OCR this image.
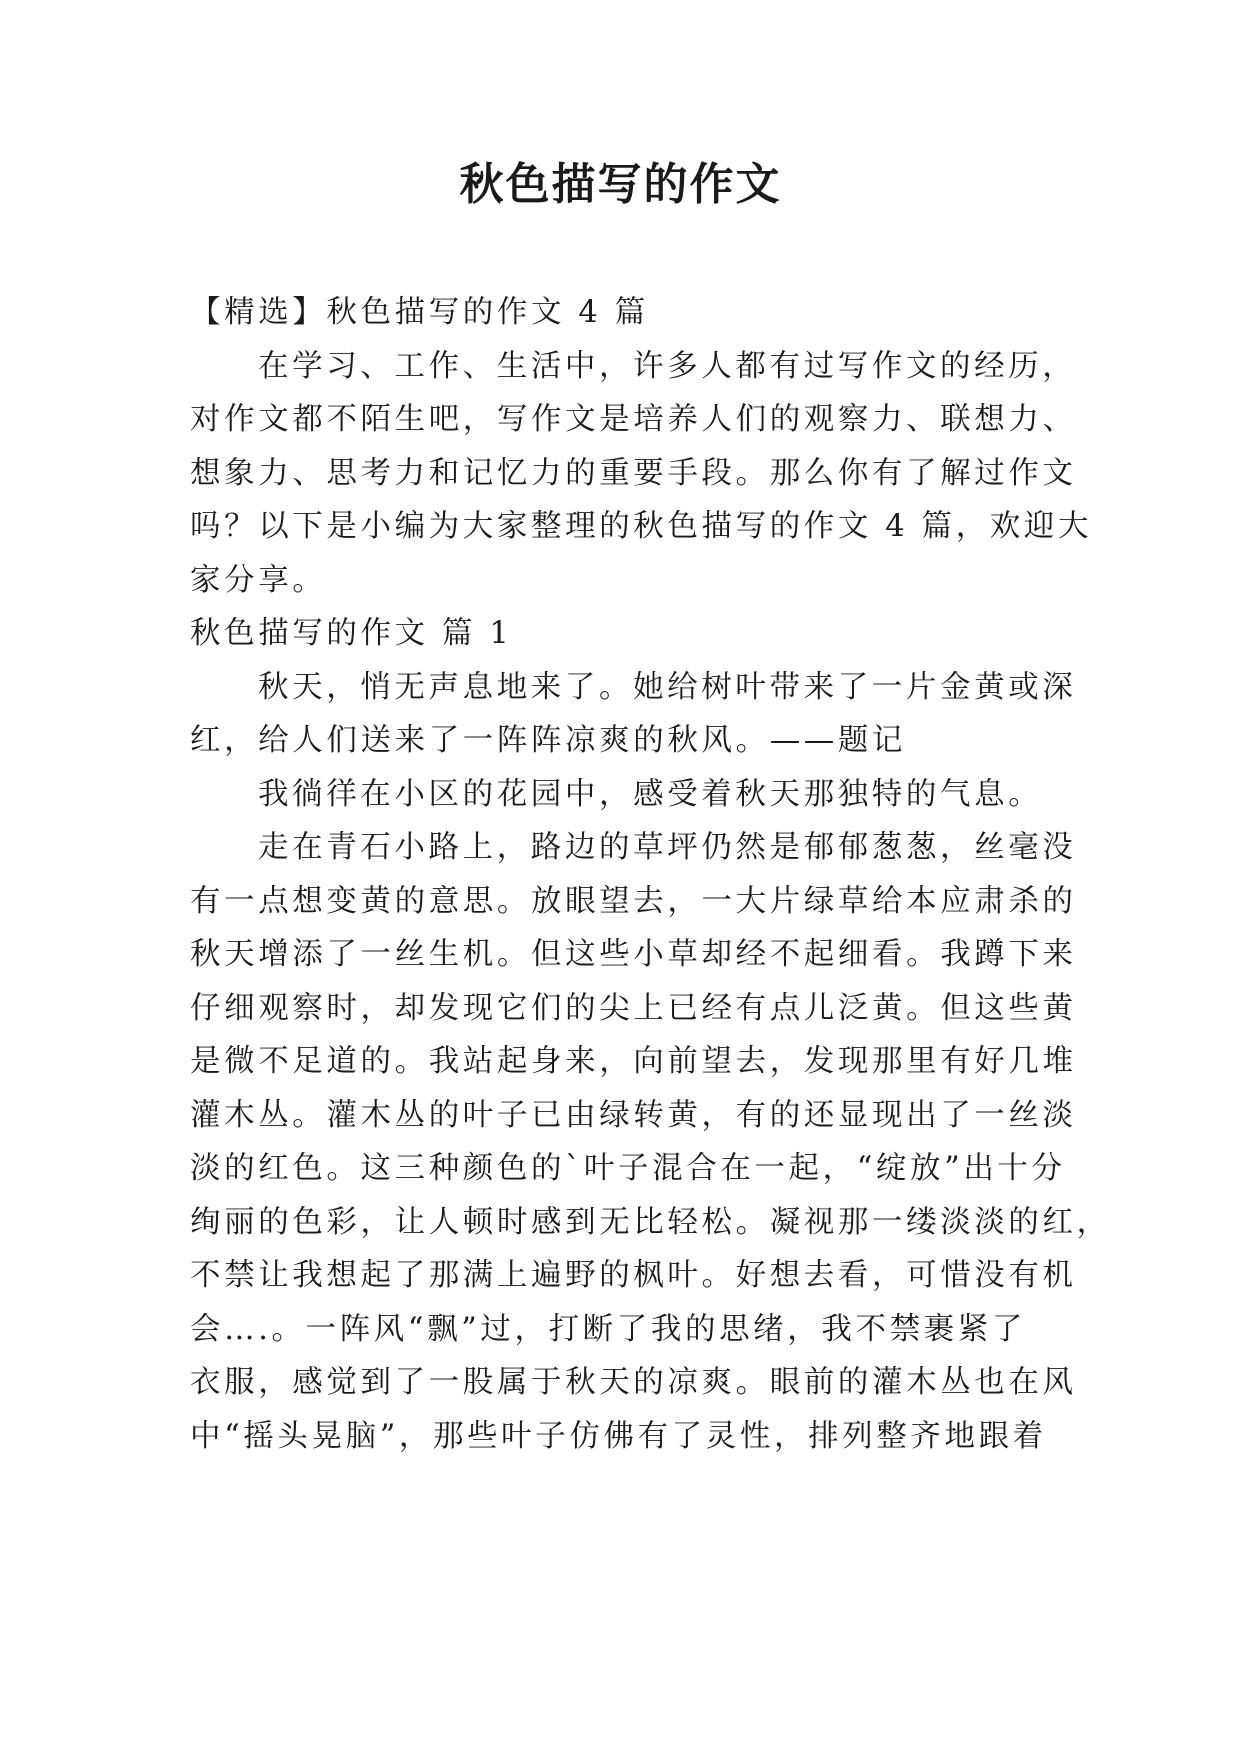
秋色描写的作文
【精选】秋色描写的作文 4 篇
在学习、工作、生活中，许多人都有过写作文的经历，
对作文都不陌生吧，写作文是培养人们的观察力、联想力、
想象力、思考力和记忆力的重要手段。那么你有了解过作文
吗？以下是小编为大家整理的秋色描写的作文 4 篇，欢迎大
家分享。
秋色描写的作文 篇 1
秋天，悄无声息地来了。她给树叶带来了一片金黄或深
红，给人们送来了一阵阵凉爽的秋风。——题记
我徜徉在小区的花园中，感受着秋天那独特的气息。
走在青石小路上，路边的草坪仍然是郁郁葱葱，丝毫没
有一点想变黄的意思。放眼望去，一大片绿草给本应肃杀的
秋天增添了一丝生机。但这些小草却经不起细看。我蹲下来
仔细观察时，却发现它们的尖上已经有点儿泛黄。但这些黄
是微不足道的。我站起身来，向前望去，发现那里有好几堆
灌木丛。灌木丛的叶子已由绿转黄，有的还显现出了一丝淡
淡的红色。这三种颜色的`叶子混合在一起，“绽放”出十分
绚丽的色彩，让人顿时感到无比轻松。凝视那一缕淡淡的红，
不禁让我想起了那满上遍野的枫叶。好想去看，可惜没有机
会….。一阵风“飘”过，打断了我的思绪，我不禁裹紧了
衣服，感觉到了一股属于秋天的凉爽。眼前的灌木丛也在风
中“摇头晃脑”，那些叶子仿佛有了灵性，排列整齐地跟着
